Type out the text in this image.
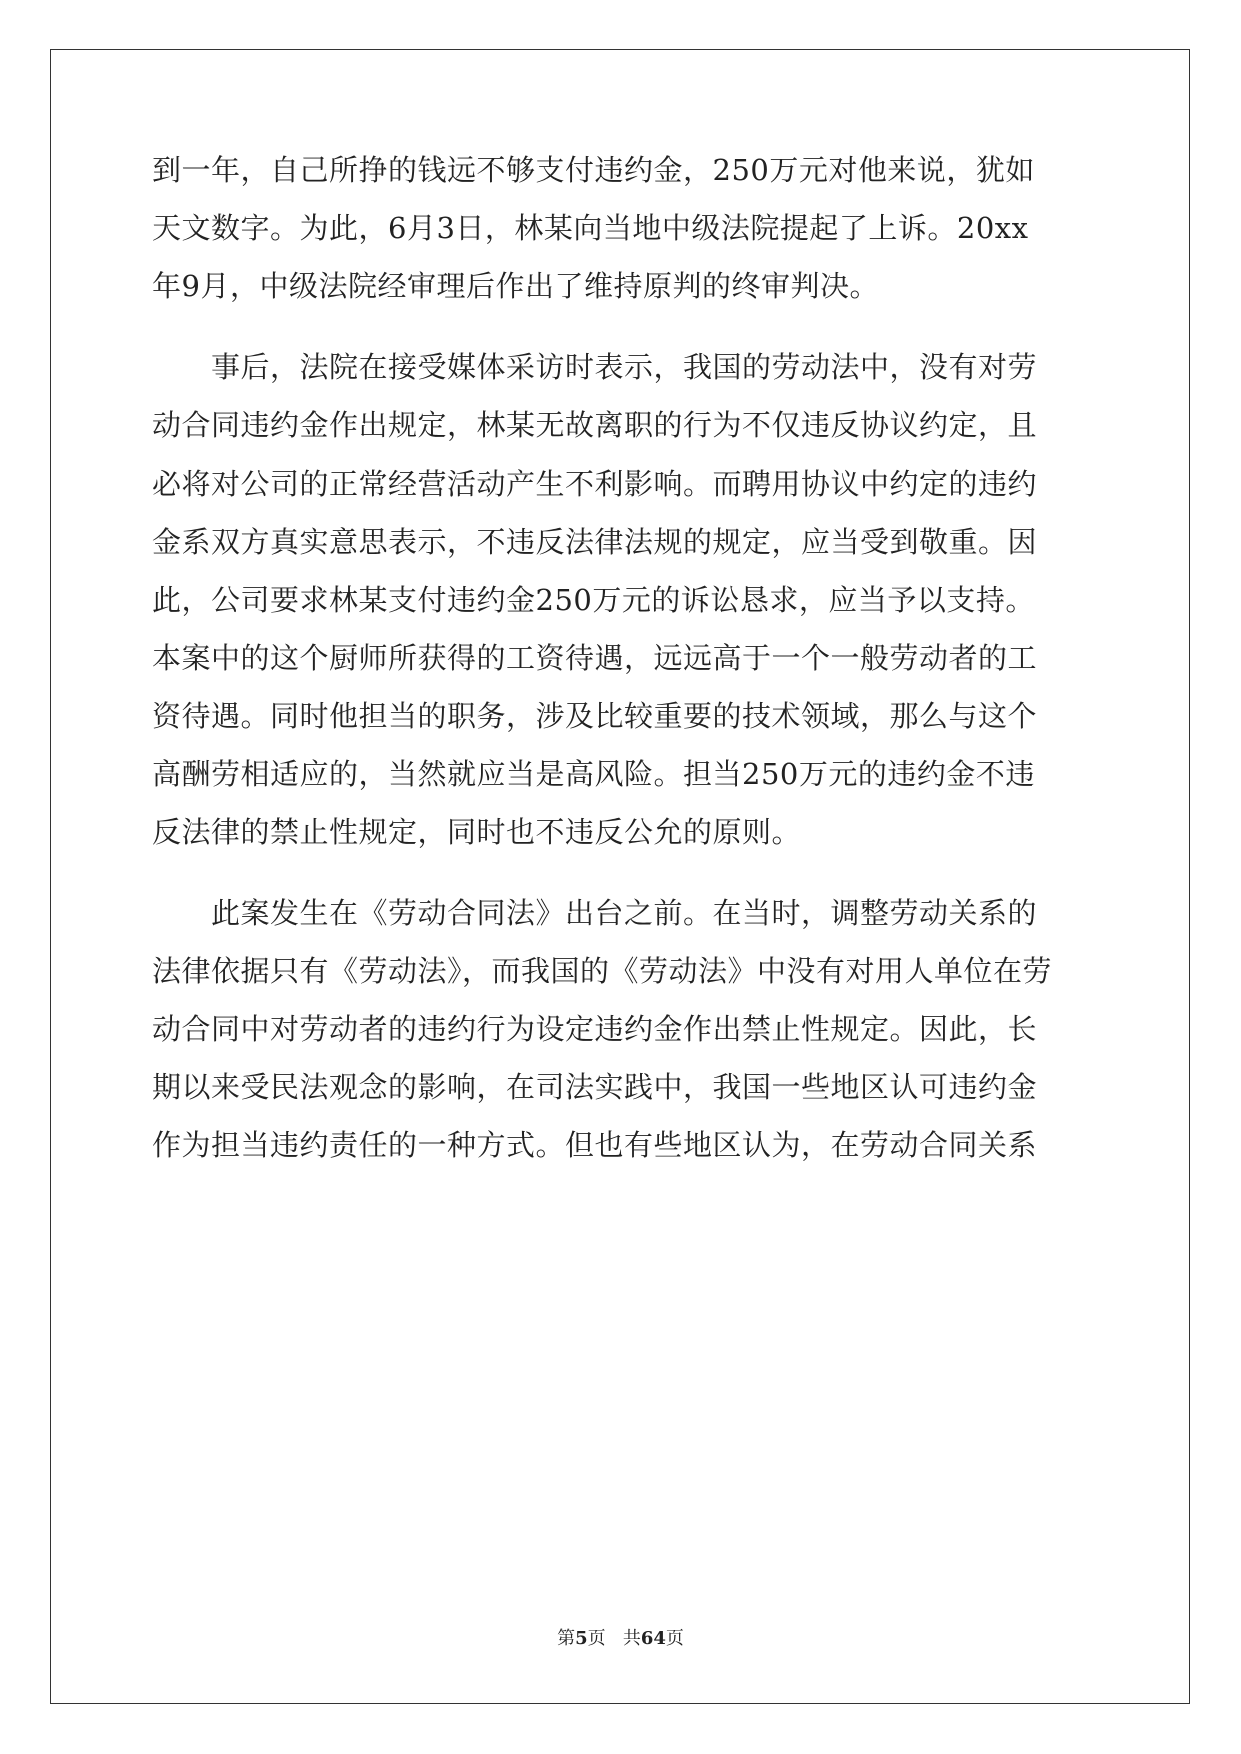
到一年，自己所挣的钱远不够支付违约金，250万元对他来说，犹如
天文数字。为此，6月3日，林某向当地中级法院提起了上诉。20xx
年9月，中级法院经审理后作出了维持原判的终审判决。
　　事后，法院在接受媒体采访时表示，我国的劳动法中，没有对劳
动合同违约金作出规定，林某无故离职的行为不仅违反协议约定，且
必将对公司的正常经营活动产生不利影响。而聘用协议中约定的违约
金系双方真实意思表示，不违反法律法规的规定，应当受到敬重。因
此，公司要求林某支付违约金250万元的诉讼恳求，应当予以支持。
本案中的这个厨师所获得的工资待遇，远远高于一个一般劳动者的工
资待遇。同时他担当的职务，涉及比较重要的技术领域，那么与这个
高酬劳相适应的，当然就应当是高风险。担当250万元的违约金不违
反法律的禁止性规定，同时也不违反公允的原则。
　　此案发生在《劳动合同法》出台之前。在当时，调整劳动关系的
法律依据只有《劳动法》，而我国的《劳动法》中没有对用人单位在劳
动合同中对劳动者的违约行为设定违约金作出禁止性规定。因此，长
期以来受民法观念的影响，在司法实践中，我国一些地区认可违约金
作为担当违约责任的一种方式。但也有些地区认为，在劳动合同关系
第5页 共64页
